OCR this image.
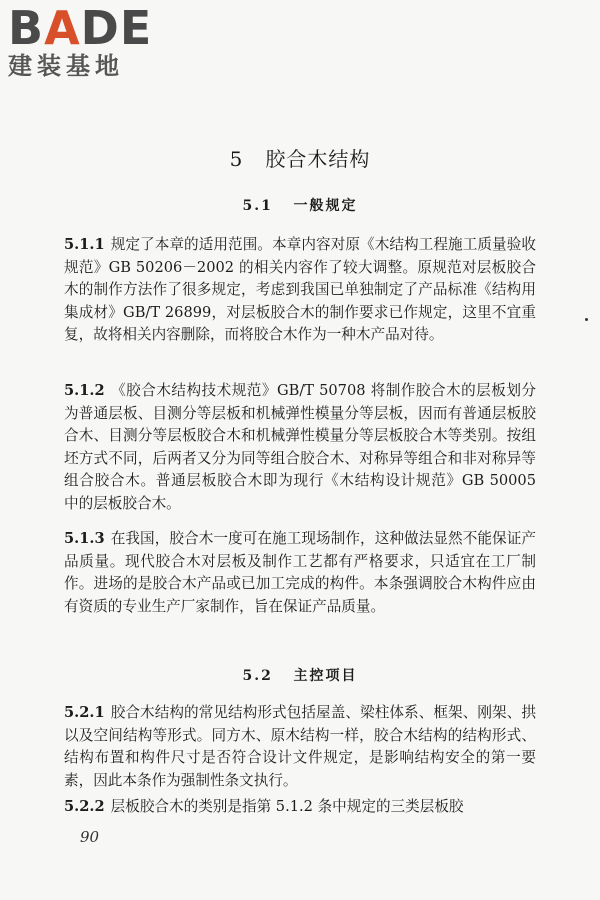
BADE
建装基地
5 胶合木结构
5.1 一般规定
5.1.1 规定了本章的适用范围。本章内容对原《木结构工程施工质量验收规范》GB 50206－2002 的相关内容作了较大调整。原规范对层板胶合木的制作方法作了很多规定，考虑到我国已单独制定了产品标准《结构用集成材》GB/T 26899，对层板胶合木的制作要求已作规定，这里不宜重复，故将相关内容删除，而将胶合木作为一种木产品对待。
5.1.2 《胶合木结构技术规范》GB/T 50708 将制作胶合木的层板划分为普通层板、目测分等层板和机械弹性模量分等层板，因而有普通层板胶合木、目测分等层板胶合木和机械弹性模量分等层板胶合木等类别。按组坯方式不同，后两者又分为同等组合胶合木、对称异等组合和非对称异等组合胶合木。普通层板胶合木即为现行《木结构设计规范》GB 50005 中的层板胶合木。
5.1.3 在我国，胶合木一度可在施工现场制作，这种做法显然不能保证产品质量。现代胶合木对层板及制作工艺都有严格要求，只适宜在工厂制作。进场的是胶合木产品或已加工完成的构件。本条强调胶合木构件应由有资质的专业生产厂家制作，旨在保证产品质量。
5.2 主控项目
5.2.1 胶合木结构的常见结构形式包括屋盖、梁柱体系、框架、刚架、拱以及空间结构等形式。同方木、原木结构一样，胶合木结构的结构形式、结构布置和构件尺寸是否符合设计文件规定，是影响结构安全的第一要素，因此本条作为强制性条文执行。
5.2.2 层板胶合木的类别是指第 5.1.2 条中规定的三类层板胶
90
